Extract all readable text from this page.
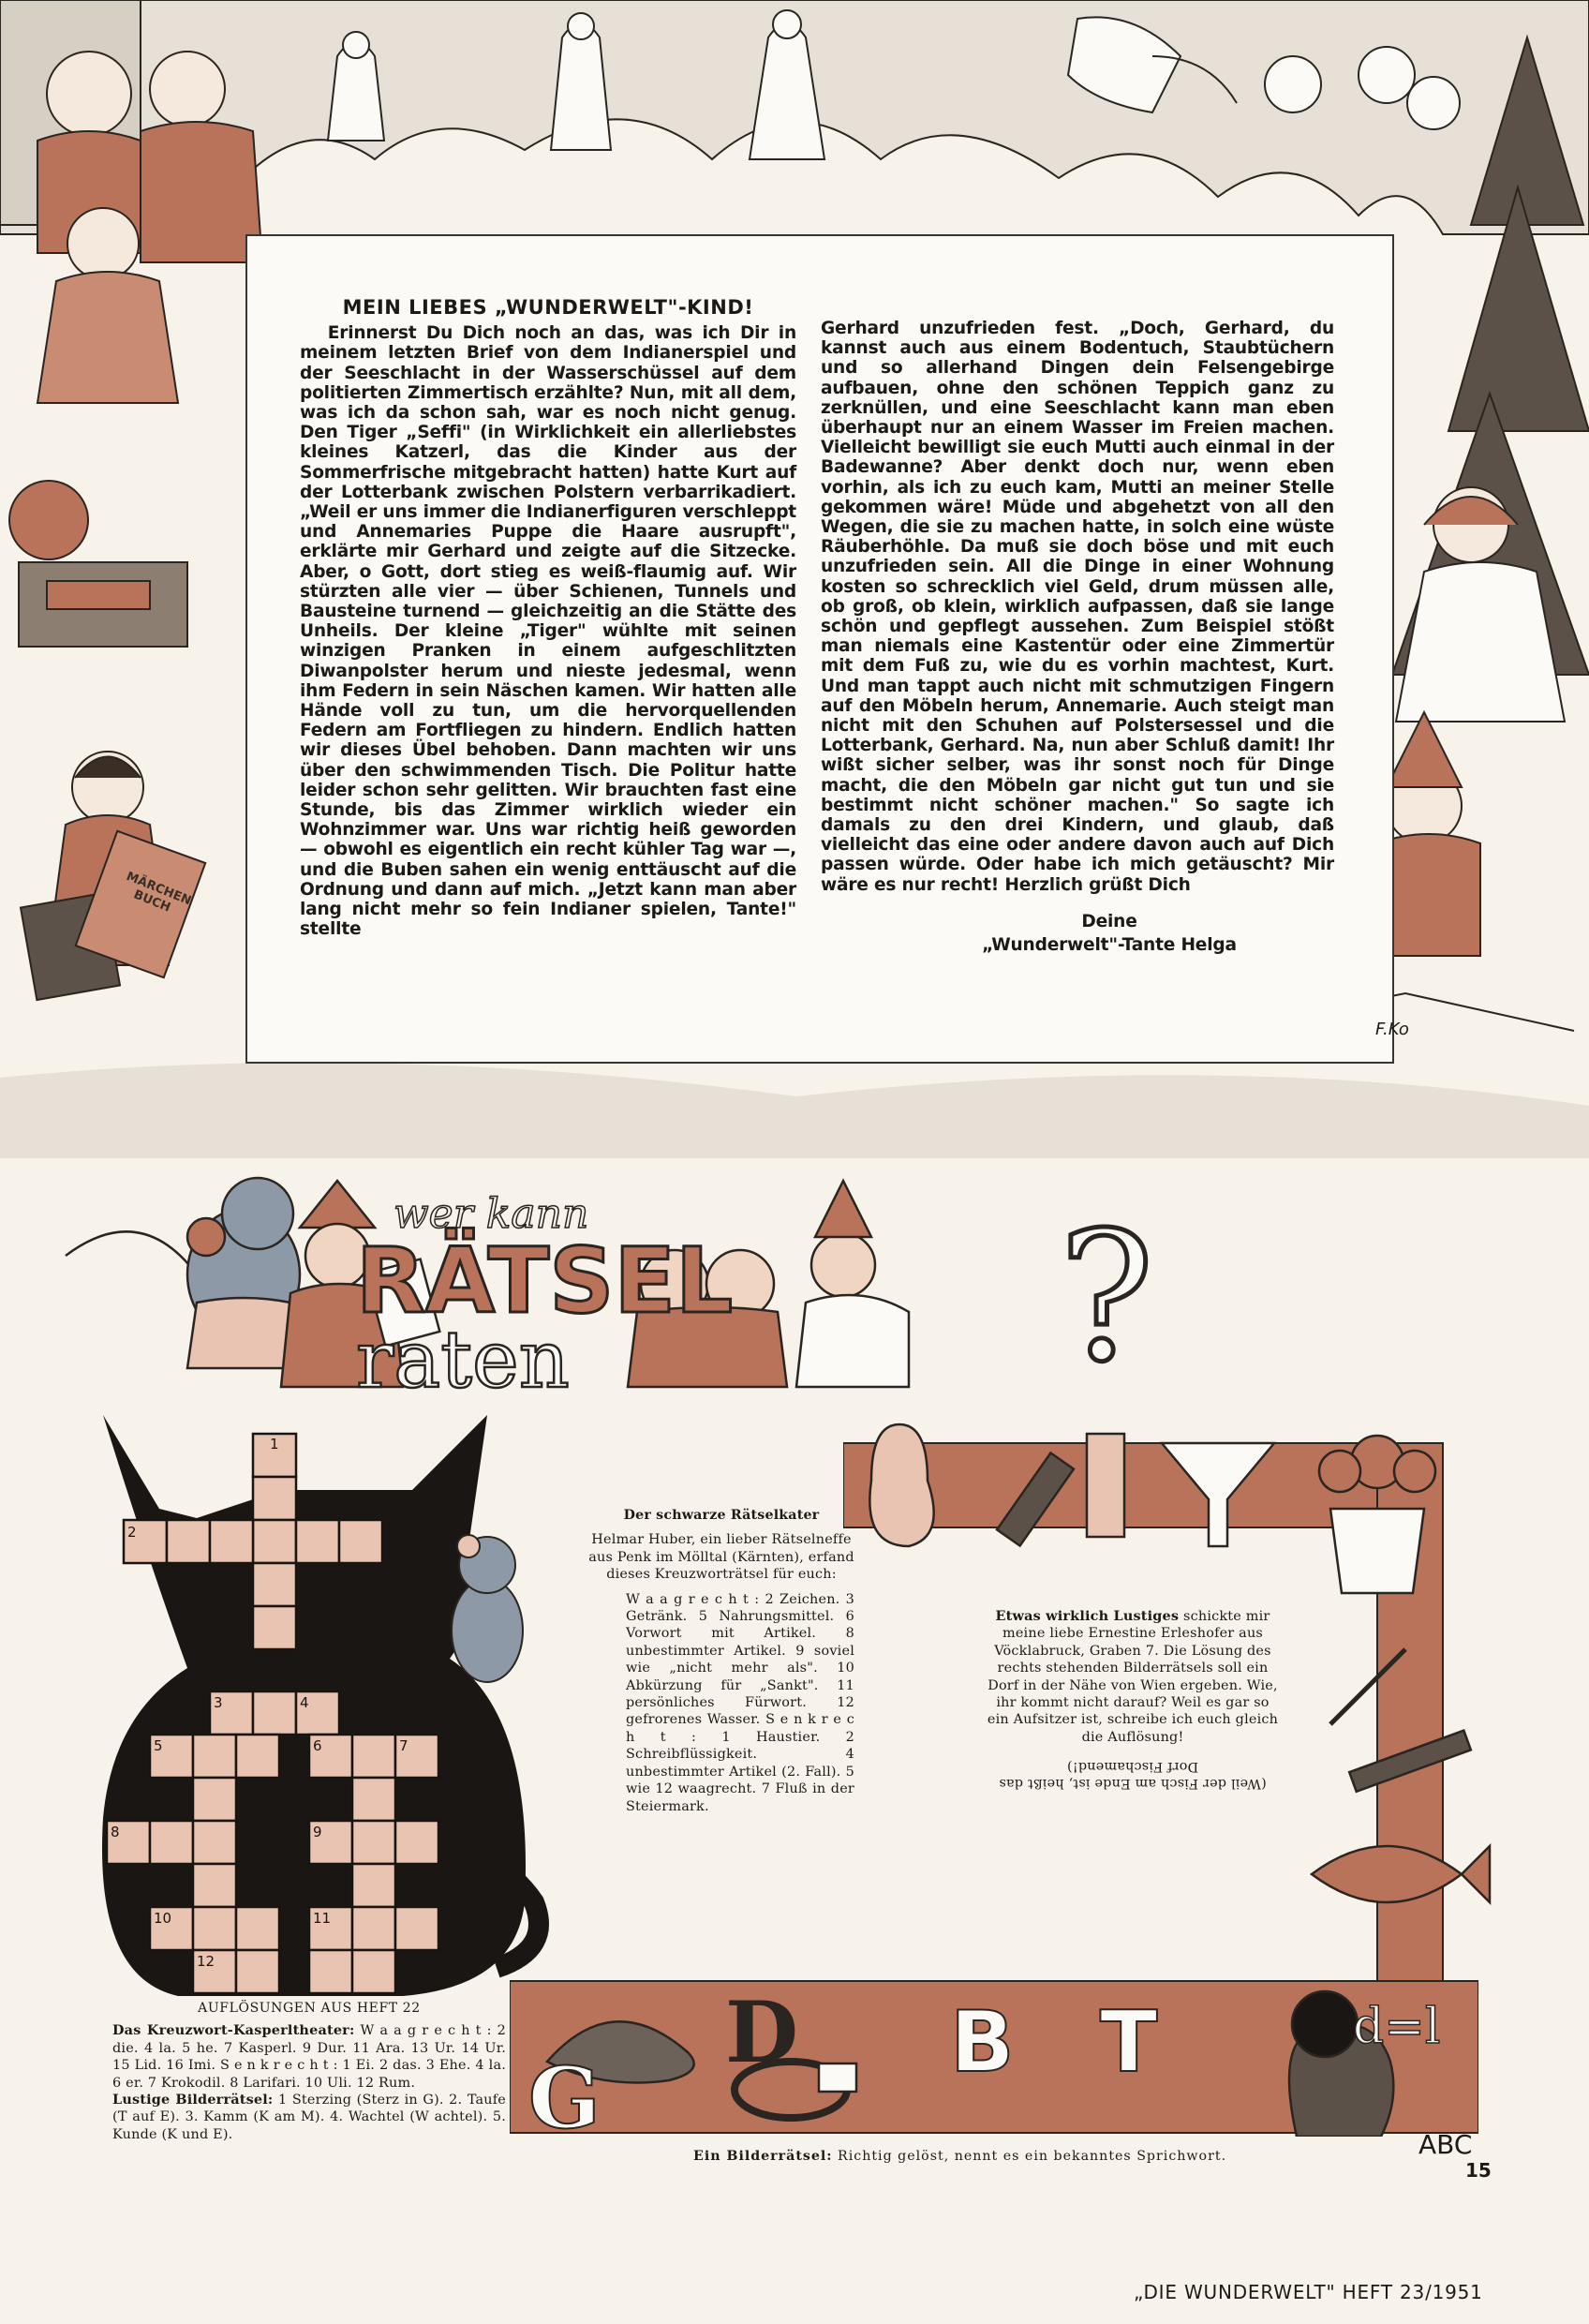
MEIN LIEBES „WUNDERWELT"-KIND!

Erinnerst Du Dich noch an das, was ich Dir in meinem letzten Brief von dem Indianerspiel und der Seeschlacht in der Wasserschüssel auf dem politierten Zimmertisch erzählte? Nun, mit all dem, was ich da schon sah, war es noch nicht genug. Den Tiger „Seffi" (in Wirklichkeit ein allerliebstes kleines Katzerl, das die Kinder aus der Sommerfrische mitgebracht hatten) hatte Kurt auf der Lotterbank zwischen Polstern verbarrikadiert. „Weil er uns immer die Indianerfiguren verschleppt und Annemaries Puppe die Haare ausrupft", erklärte mir Gerhard und zeigte auf die Sitzecke. Aber, o Gott, dort stieg es weiß-flaumig auf. Wir stürzten alle vier — über Schienen, Tunnels und Bausteine turnend — gleichzeitig an die Stätte des Unheils. Der kleine „Tiger" wühlte mit seinen winzigen Pranken in einem aufgeschlitzten Diwanpolster herum und nieste jedesmal, wenn ihm Federn in sein Näschen kamen. Wir hatten alle Hände voll zu tun, um die hervorquellenden Federn am Fortfliegen zu hindern. Endlich hatten wir dieses Übel behoben. Dann machten wir uns über den schwimmenden Tisch. Die Politur hatte leider schon sehr gelitten. Wir brauchten fast eine Stunde, bis das Zimmer wirklich wieder ein Wohnzimmer war. Uns war richtig heiß geworden — obwohl es eigentlich ein recht kühler Tag war —, und die Buben sahen ein wenig enttäuscht auf die Ordnung und dann auf mich. „Jetzt kann man aber lang nicht mehr so fein Indianer spielen, Tante!" stellte

Gerhard unzufrieden fest. „Doch, Gerhard, du kannst auch aus einem Bodentuch, Staubtüchern und so allerhand Dingen dein Felsengebirge aufbauen, ohne den schönen Teppich ganz zu zerknüllen, und eine Seeschlacht kann man eben überhaupt nur an einem Wasser im Freien machen. Vielleicht bewilligt sie euch Mutti auch einmal in der Badewanne? Aber denkt doch nur, wenn eben vorhin, als ich zu euch kam, Mutti an meiner Stelle gekommen wäre! Müde und abgehetzt von all den Wegen, die sie zu machen hatte, in solch eine wüste Räuberhöhle. Da muß sie doch böse und mit euch unzufrieden sein. All die Dinge in einer Wohnung kosten so schrecklich viel Geld, drum müssen alle, ob groß, ob klein, wirklich aufpassen, daß sie lange schön und gepflegt aussehen. Zum Beispiel stößt man niemals eine Kastentür oder eine Zimmertür mit dem Fuß zu, wie du es vorhin machtest, Kurt. Und man tappt auch nicht mit schmutzigen Fingern auf den Möbeln herum, Annemarie. Auch steigt man nicht mit den Schuhen auf Polstersessel und die Lotterbank, Gerhard. Na, nun aber Schluß damit! Ihr wißt sicher selber, was ihr sonst noch für Dinge macht, die den Möbeln gar nicht gut tun und sie bestimmt nicht schöner machen." So sagte ich damals zu den drei Kindern, und glaub, daß vielleicht das eine oder andere davon auch auf Dich passen würde. Oder habe ich mich getäuscht? Mir wäre es nur recht! Herzlich grüßt Dich

Deine
„Wunderwelt"-Tante Helga
F.Ko
MÄRCHEN BUCH
?
wer kann
RÄTSEL
raten
1
2
3	4
5	6	7
8	9
10	11
12
Der schwarze Rätselkater
Helmar Huber, ein lieber Rätselneffe aus Penk im Mölltal (Kärnten), erfand dieses Kreuzworträtsel für euch:
W a a g r e c h t : 2 Zeichen. 3 Getränk. 5 Nahrungsmittel. 6 Vorwort mit Artikel. 8 unbestimmter Artikel. 9 soviel wie „nicht mehr als". 10 Abkürzung für „Sankt". 11 persönliches Fürwort. 12 gefrorenes Wasser. S e n k r e c h t : 1 Haustier. 2 Schreibflüssigkeit. 4 unbestimmter Artikel (2. Fall). 5 wie 12 waagrecht. 7 Fluß in der Steiermark.
Etwas wirklich Lustiges schickte mir meine liebe Ernestine Erleshofer aus Vöcklabruck, Graben 7. Die Lösung des rechts stehenden Bilderrätsels soll ein Dorf in der Nähe von Wien ergeben. Wie, ihr kommt nicht darauf? Weil es gar so ein Aufsitzer ist, schreibe ich euch gleich die Auflösung!
(Weil der Fisch am Ende ist, heißt das Dorf Fischamend!)
AUFLÖSUNGEN AUS HEFT 22
Das Kreuzwort-Kasperltheater: W a a g r e c h t : 2 die. 4 la. 5 he. 7 Kasperl. 9 Dur. 11 Ara. 13 Ur. 14 Ur. 15 Lid. 16 Imi. S e n k r e c h t : 1 Ei. 2 das. 3 Ehe. 4 la. 6 er. 7 Krokodil. 8 Larifari. 10 Uli. 12 Rum.
Lustige Bilderrätsel: 1 Sterzing (Sterz in G). 2. Taufe (T auf E). 3. Kamm (K am M). 4. Wachtel (W achtel). 5. Kunde (K und E).	G
D B T	d=l
Ein Bilderrätsel: Richtig gelöst, nennt es ein bekanntes Sprichwort.	ABC
15
„DIE WUNDERWELT" HEFT 23/1951
